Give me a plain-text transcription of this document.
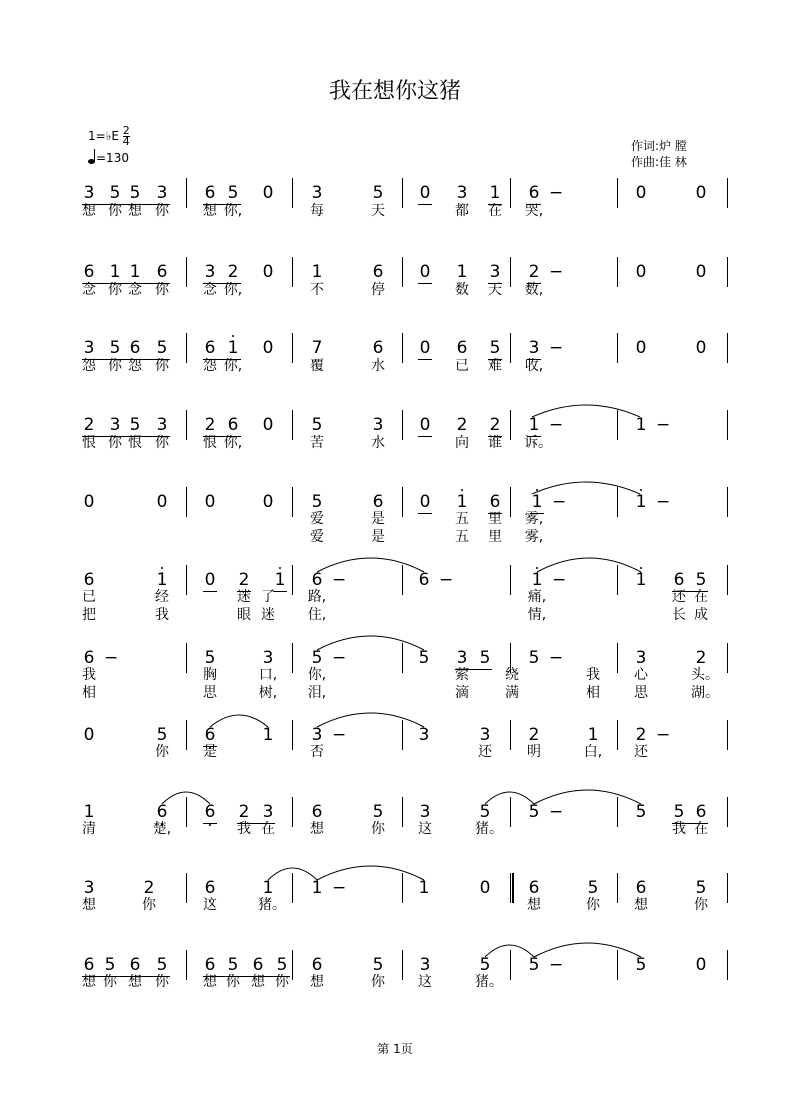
我在想你这猪
1=♭E $\frac{2}{4}$
=130
作词:炉 膛
作曲:佳 林
3 5 5 3 6 5 0 3	5 0 3 1 6 −	0	0
想 你 想 你 想 你,	每	天	都 在 哭,
6 1 1 6 3 2 0 1	6 0 1 3 2 −	0	0
念 你 念 你 念 你,	不	停	数 天 数,
3 5 6 5 6 1 0 7	6 0 6 5 3 −	0	0
怨 你 怨 你 怨 你,	覆	水	已 难 收,
2 3 5 3 2 6 0 5	3 0 2 2 1 −	1 −
恨 你 恨 你 恨 你,	苦	水	向 谁 诉。
0	0 0	0 5	6 0 1 6 1 −	1 −
爱	是	五 里 雾,
爱	是	五 里 雾,
6	1 0 2 1 6 −	6 −	1 −	1 6 5
已	经	迷 了 路,	痛,	还 在
把	我	眼 迷 住,	情,	长 成
6 −	5	3 5 −	5 3 5 5 −	3	2
我	胸	口, 你,	萦	绕	我 心	头。
相	思	树, 泪,	滴	满	相 思	湖。
0	5 6	1 3 −	3	3 2	1 2 −
你 是	否	还	明	白, 还
1	6 6 2 3 6	5 3	5 5 −	5 5 6
清	楚,	我 在	想	你 这	猪。	我 在
3	2	6	1 1 −	1	0 6	5 6	5
想	你	这	猪。	想	你 想	你
6 5 6 5 6 5 6 5 6	5 3	5 5 −	5	0
想 你 想 你 想 你 想 你 想	你 这	猪。
第 1页
